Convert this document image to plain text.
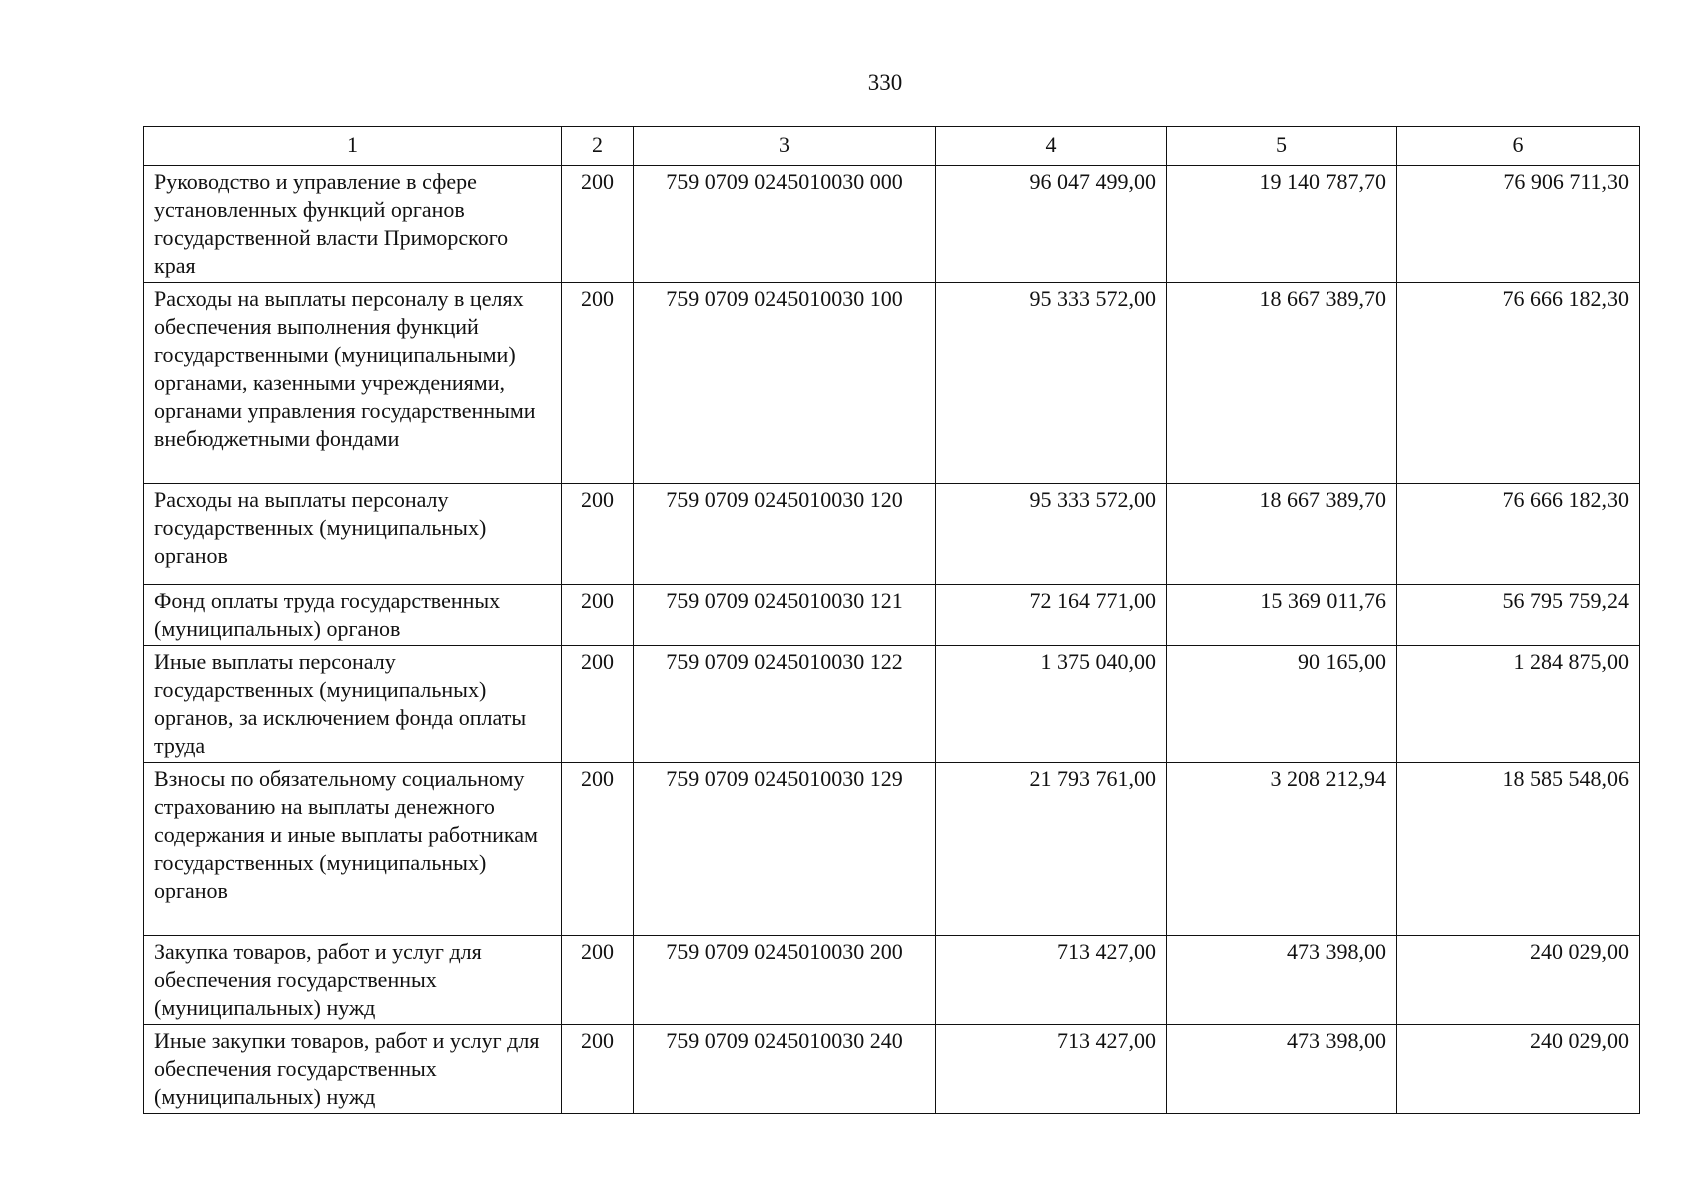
330
1	2	3	4	5	6
Руководство и управление в сфере установленных функций органов государственной власти Приморского края	200	759 0709 0245010030 000	96 047 499,00	19 140 787,70	76 906 711,30
Расходы на выплаты персоналу в целях обеспечения выполнения функций государственными (муниципальными) органами, казенными учреждениями, органами управления государственными внебюджетными фондами	200	759 0709 0245010030 100	95 333 572,00	18 667 389,70	76 666 182,30
Расходы на выплаты персоналу государственных (муниципальных) органов	200	759 0709 0245010030 120	95 333 572,00	18 667 389,70	76 666 182,30
Фонд оплаты труда государственных (муниципальных) органов	200	759 0709 0245010030 121	72 164 771,00	15 369 011,76	56 795 759,24
Иные выплаты персоналу государственных (муниципальных) органов, за исключением фонда оплаты труда	200	759 0709 0245010030 122	1 375 040,00	90 165,00	1 284 875,00
Взносы по обязательному социальному страхованию на выплаты денежного содержания и иные выплаты работникам государственных (муниципальных) органов	200	759 0709 0245010030 129	21 793 761,00	3 208 212,94	18 585 548,06
Закупка товаров, работ и услуг для обеспечения государственных (муниципальных) нужд	200	759 0709 0245010030 200	713 427,00	473 398,00	240 029,00
Иные закупки товаров, работ и услуг для обеспечения государственных (муниципальных) нужд	200	759 0709 0245010030 240	713 427,00	473 398,00	240 029,00
